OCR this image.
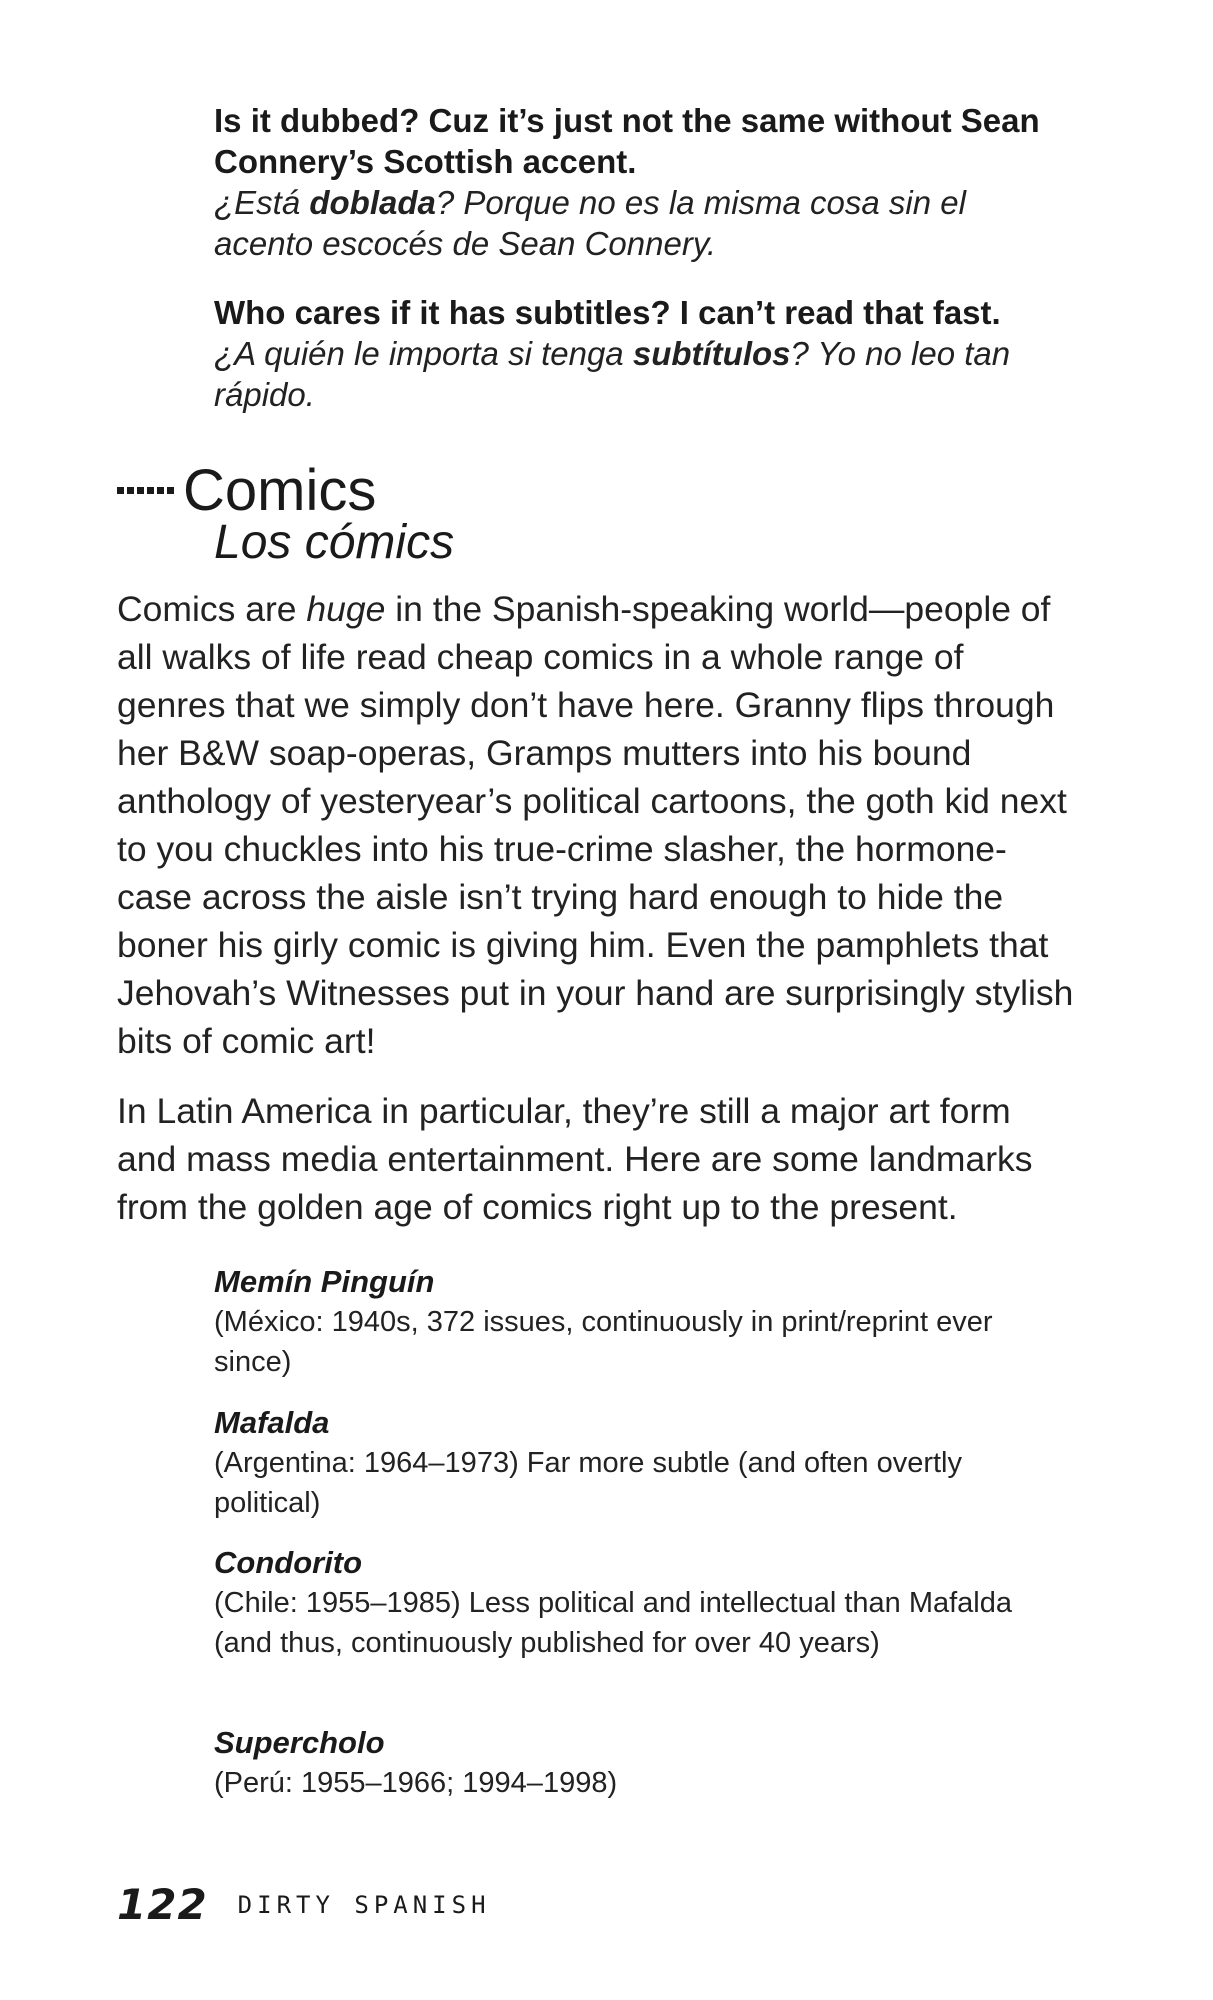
Is it dubbed? Cuz it’s just not the same without Sean Connery’s Scottish accent.

¿Está doblada? Porque no es la misma cosa sin el acento escocés de Sean Connery.

Who cares if it has subtitles? I can’t read that fast.

¿A quién le importa si tenga subtítulos? Yo no leo tan rápido.

Comics
Los cómics

Comics are huge in the Spanish-speaking world—people of all walks of life read cheap comics in a whole range of genres that we simply don’t have here. Granny flips through her B&W soap-operas, Gramps mutters into his bound anthology of yesteryear’s political cartoons, the goth kid next to you chuckles into his true-crime slasher, the hormone-case across the aisle isn’t trying hard enough to hide the boner his girly comic is giving him. Even the pamphlets that Jehovah’s Witnesses put in your hand are surprisingly stylish bits of comic art!

In Latin America in particular, they’re still a major art form and mass media entertainment. Here are some landmarks from the golden age of comics right up to the present.

Memín Pinguín

(México: 1940s, 372 issues, continuously in print/reprint ever since)

Mafalda

(Argentina: 1964–1973) Far more subtle (and often overtly political)

Condorito

(Chile: 1955–1985) Less political and intellectual than Mafalda (and thus, continuously published for over 40 years)

Supercholo

(Perú: 1955–1966; 1994–1998)

122 DIRTY SPANISH
